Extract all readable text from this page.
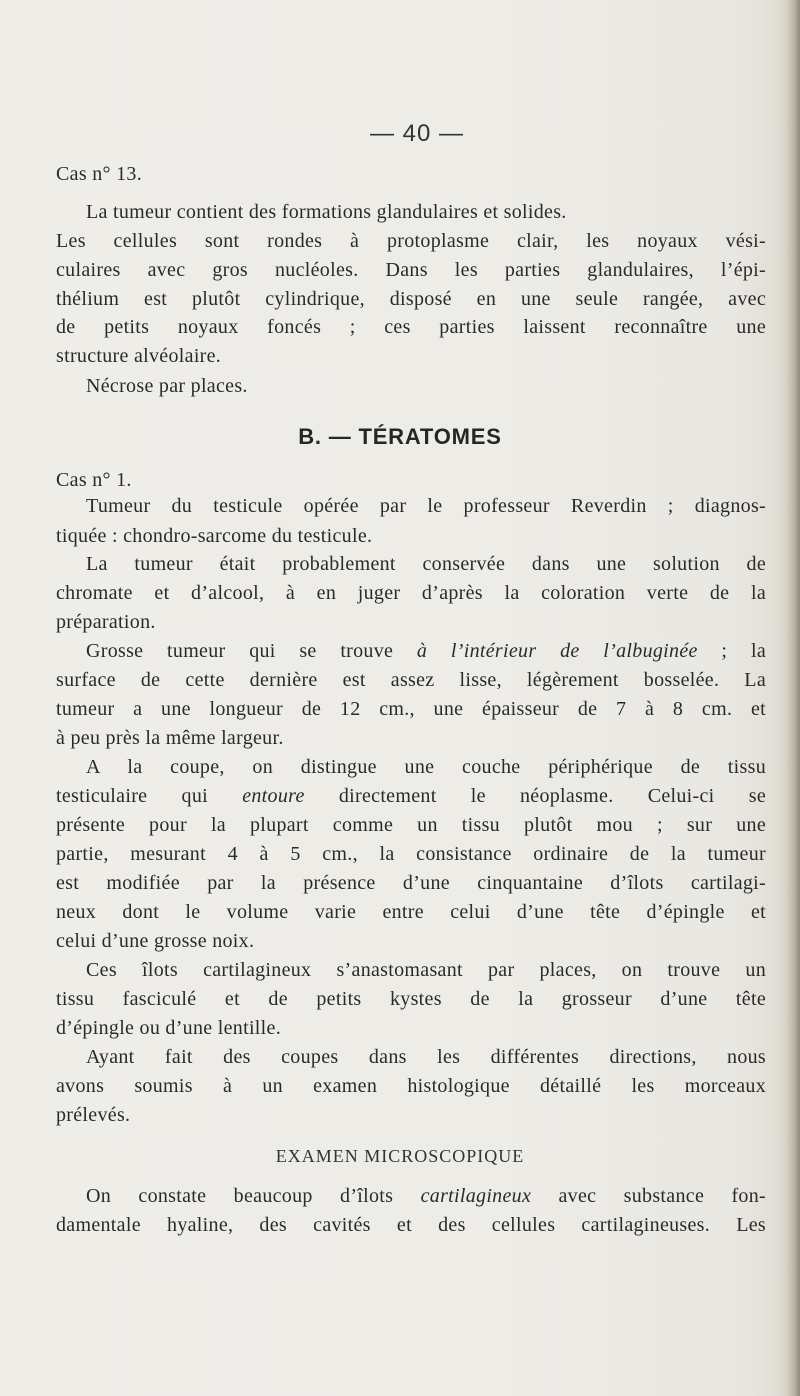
— 40 —
Cas n° 13.
La tumeur contient des formations glandulaires et solides.
Les cellules sont rondes à protoplasme clair, les noyaux vési-
culaires avec gros nucléoles. Dans les parties glandulaires, l’épi-
thélium est plutôt cylindrique, disposé en une seule rangée, avec
de petits noyaux foncés ; ces parties laissent reconnaître une
structure alvéolaire.
Nécrose par places.
B. — TÉRATOMES
Cas n° 1.
Tumeur du testicule opérée par le professeur Reverdin ; diagnos-
tiquée : chondro-sarcome du testicule.
La tumeur était probablement conservée dans une solution de
chromate et d’alcool, à en juger d’après la coloration verte de la
préparation.
Grosse tumeur qui se trouve à l’intérieur de l’albuginée ; la
surface de cette dernière est assez lisse, légèrement bosselée. La
tumeur a une longueur de 12 cm., une épaisseur de 7 à 8 cm. et
à peu près la même largeur.
A la coupe, on distingue une couche périphérique de tissu
testiculaire qui entoure directement le néoplasme. Celui-ci se
présente pour la plupart comme un tissu plutôt mou ; sur une
partie, mesurant 4 à 5 cm., la consistance ordinaire de la tumeur
est modifiée par la présence d’une cinquantaine d’îlots cartilagi-
neux dont le volume varie entre celui d’une tête d’épingle et
celui d’une grosse noix.
Ces îlots cartilagineux s’anastomasant par places, on trouve un
tissu fasciculé et de petits kystes de la grosseur d’une tête
d’épingle ou d’une lentille.
Ayant fait des coupes dans les différentes directions, nous
avons soumis à un examen histologique détaillé les morceaux
prélevés.
EXAMEN MICROSCOPIQUE
On constate beaucoup d’îlots cartilagineux avec substance fon-
damentale hyaline, des cavités et des cellules cartilagineuses. Les
